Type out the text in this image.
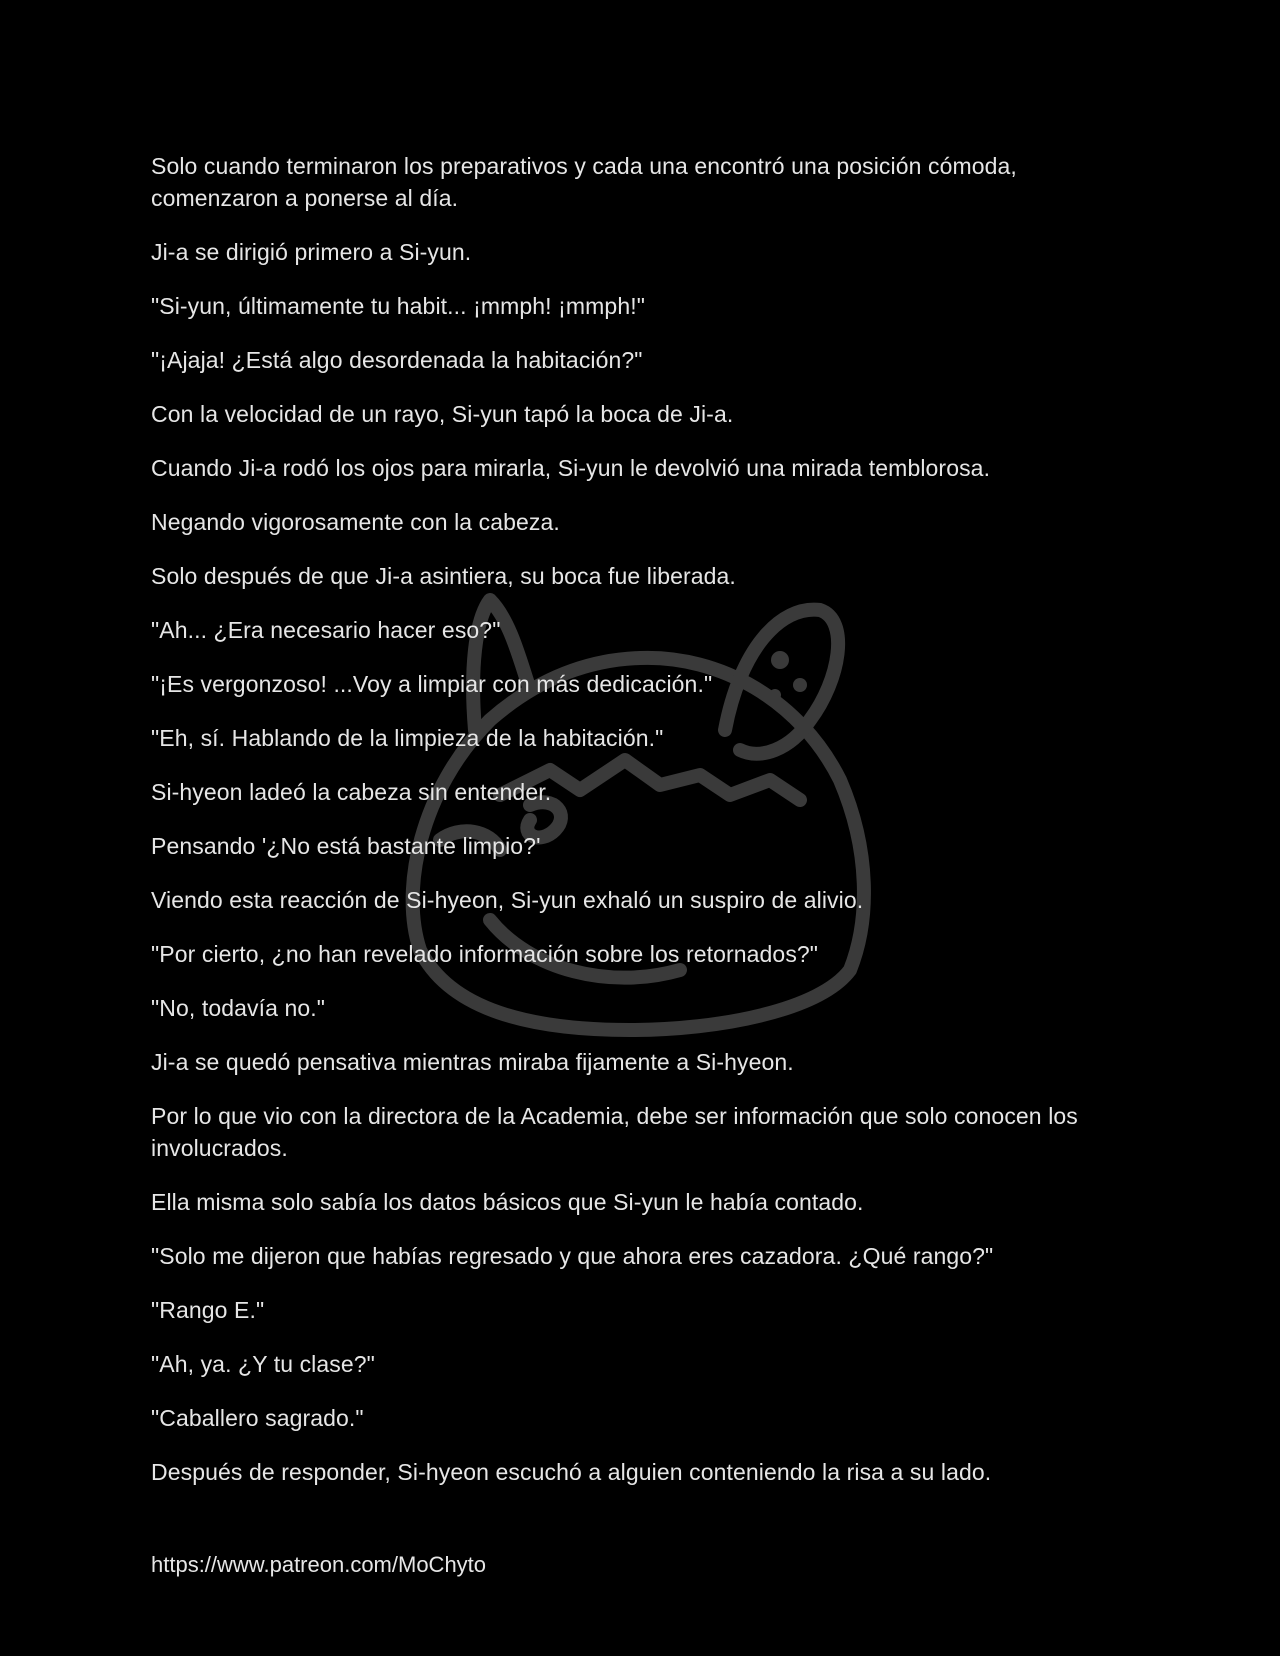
Solo cuando terminaron los preparativos y cada una encontró una posición cómoda, comenzaron a ponerse al día.

Ji-a se dirigió primero a Si-yun.

"Si-yun, últimamente tu habit... ¡mmph! ¡mmph!"

"¡Ajaja! ¿Está algo desordenada la habitación?"

Con la velocidad de un rayo, Si-yun tapó la boca de Ji-a.

Cuando Ji-a rodó los ojos para mirarla, Si-yun le devolvió una mirada temblorosa.

Negando vigorosamente con la cabeza.

Solo después de que Ji-a asintiera, su boca fue liberada.

"Ah... ¿Era necesario hacer eso?"

"¡Es vergonzoso! ...Voy a limpiar con más dedicación."

"Eh, sí. Hablando de la limpieza de la habitación."

Si-hyeon ladeó la cabeza sin entender.

Pensando '¿No está bastante limpio?'

Viendo esta reacción de Si-hyeon, Si-yun exhaló un suspiro de alivio.

"Por cierto, ¿no han revelado información sobre los retornados?"

"No, todavía no."

Ji-a se quedó pensativa mientras miraba fijamente a Si-hyeon.

Por lo que vio con la directora de la Academia, debe ser información que solo conocen los involucrados.

Ella misma solo sabía los datos básicos que Si-yun le había contado.

"Solo me dijeron que habías regresado y que ahora eres cazadora. ¿Qué rango?"

"Rango E."

"Ah, ya. ¿Y tu clase?"

"Caballero sagrado."

Después de responder, Si-hyeon escuchó a alguien conteniendo la risa a su lado.

https://www.patreon.com/MoChyto
